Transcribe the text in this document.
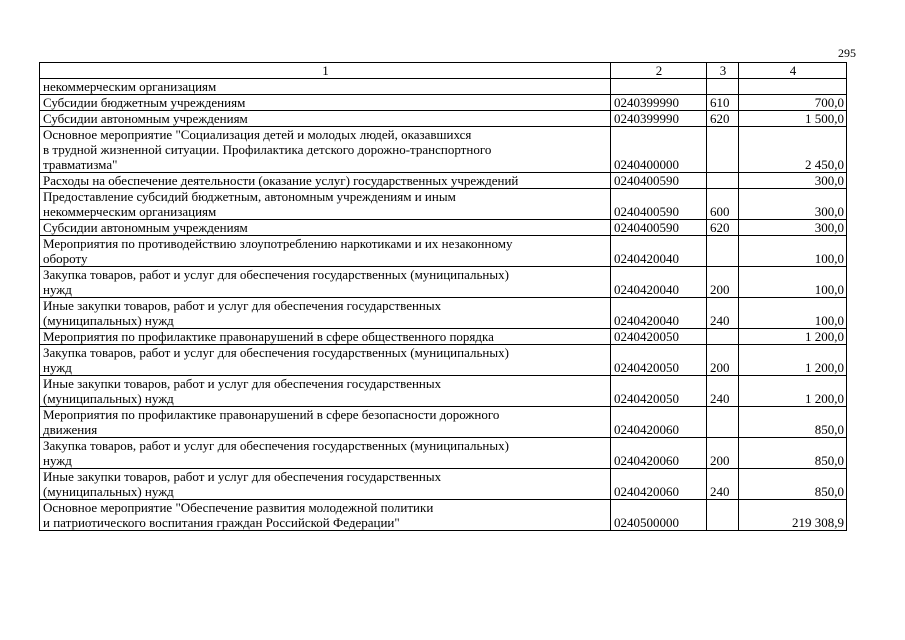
295
1	2	3	4
некоммерческим организациям			
Субсидии бюджетным учреждениям	0240399990	610	700,0
Субсидии автономным учреждениям	0240399990	620	1 500,0
Основное мероприятие "Социализация детей и молодых людей, оказавшихся
в трудной жизненной ситуации. Профилактика детского дорожно-транспортного
травматизма"	0240400000		2 450,0
Расходы на обеспечение деятельности (оказание услуг) государственных учреждений	0240400590		300,0
Предоставление субсидий бюджетным, автономным учреждениям и иным
некоммерческим организациям	0240400590	600	300,0
Субсидии автономным учреждениям	0240400590	620	300,0
Мероприятия по противодействию злоупотреблению наркотиками и их незаконному
обороту	0240420040		100,0
Закупка товаров, работ и услуг для обеспечения государственных (муниципальных)
нужд	0240420040	200	100,0
Иные закупки товаров, работ и услуг для обеспечения государственных
(муниципальных) нужд	0240420040	240	100,0
Мероприятия по профилактике правонарушений в сфере общественного порядка	0240420050		1 200,0
Закупка товаров, работ и услуг для обеспечения государственных (муниципальных)
нужд	0240420050	200	1 200,0
Иные закупки товаров, работ и услуг для обеспечения государственных
(муниципальных) нужд	0240420050	240	1 200,0
Мероприятия по профилактике правонарушений в сфере безопасности дорожного
движения	0240420060		850,0
Закупка товаров, работ и услуг для обеспечения государственных (муниципальных)
нужд	0240420060	200	850,0
Иные закупки товаров, работ и услуг для обеспечения государственных
(муниципальных) нужд	0240420060	240	850,0
Основное мероприятие "Обеспечение развития молодежной политики
и патриотического воспитания граждан Российской Федерации"	0240500000		219 308,9
